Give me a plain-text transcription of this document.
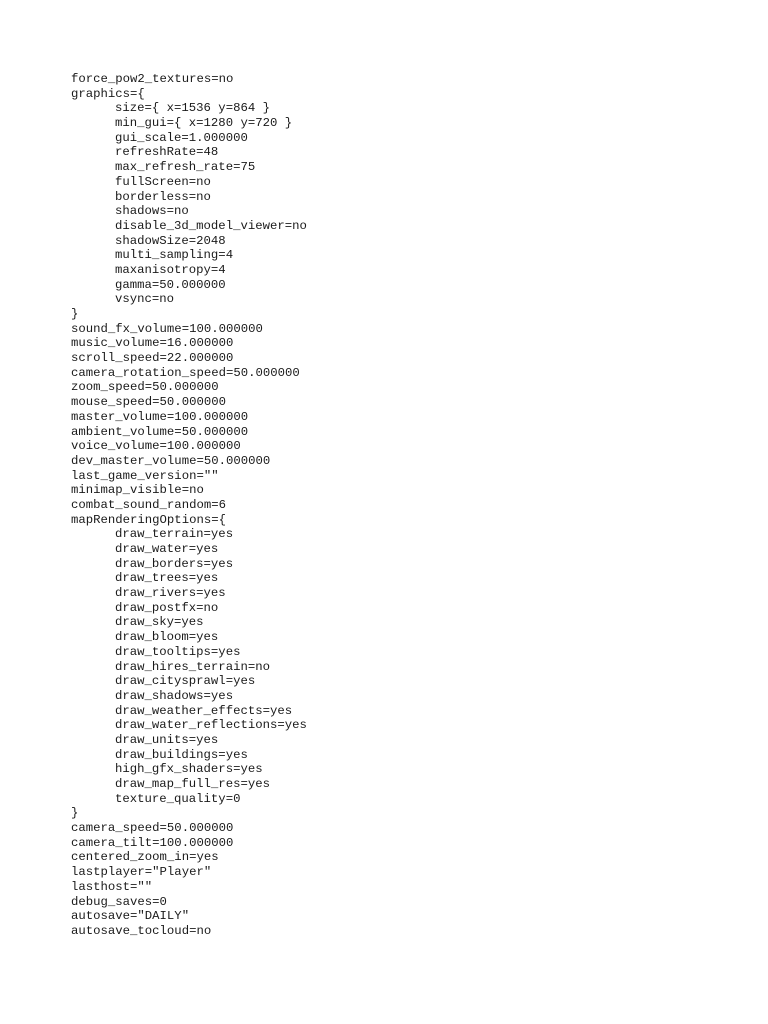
force_pow2_textures=no
graphics={
size={ x=1536 y=864 }
min_gui={ x=1280 y=720 }
gui_scale=1.000000
refreshRate=48
max_refresh_rate=75
fullScreen=no
borderless=no
shadows=no
disable_3d_model_viewer=no
shadowSize=2048
multi_sampling=4
maxanisotropy=4
gamma=50.000000
vsync=no
}
sound_fx_volume=100.000000
music_volume=16.000000
scroll_speed=22.000000
camera_rotation_speed=50.000000
zoom_speed=50.000000
mouse_speed=50.000000
master_volume=100.000000
ambient_volume=50.000000
voice_volume=100.000000
dev_master_volume=50.000000
last_game_version=""
minimap_visible=no
combat_sound_random=6
mapRenderingOptions={
draw_terrain=yes
draw_water=yes
draw_borders=yes
draw_trees=yes
draw_rivers=yes
draw_postfx=no
draw_sky=yes
draw_bloom=yes
draw_tooltips=yes
draw_hires_terrain=no
draw_citysprawl=yes
draw_shadows=yes
draw_weather_effects=yes
draw_water_reflections=yes
draw_units=yes
draw_buildings=yes
high_gfx_shaders=yes
draw_map_full_res=yes
texture_quality=0
}
camera_speed=50.000000
camera_tilt=100.000000
centered_zoom_in=yes
lastplayer="Player"
lasthost=""
debug_saves=0
autosave="DAILY"
autosave_tocloud=no
